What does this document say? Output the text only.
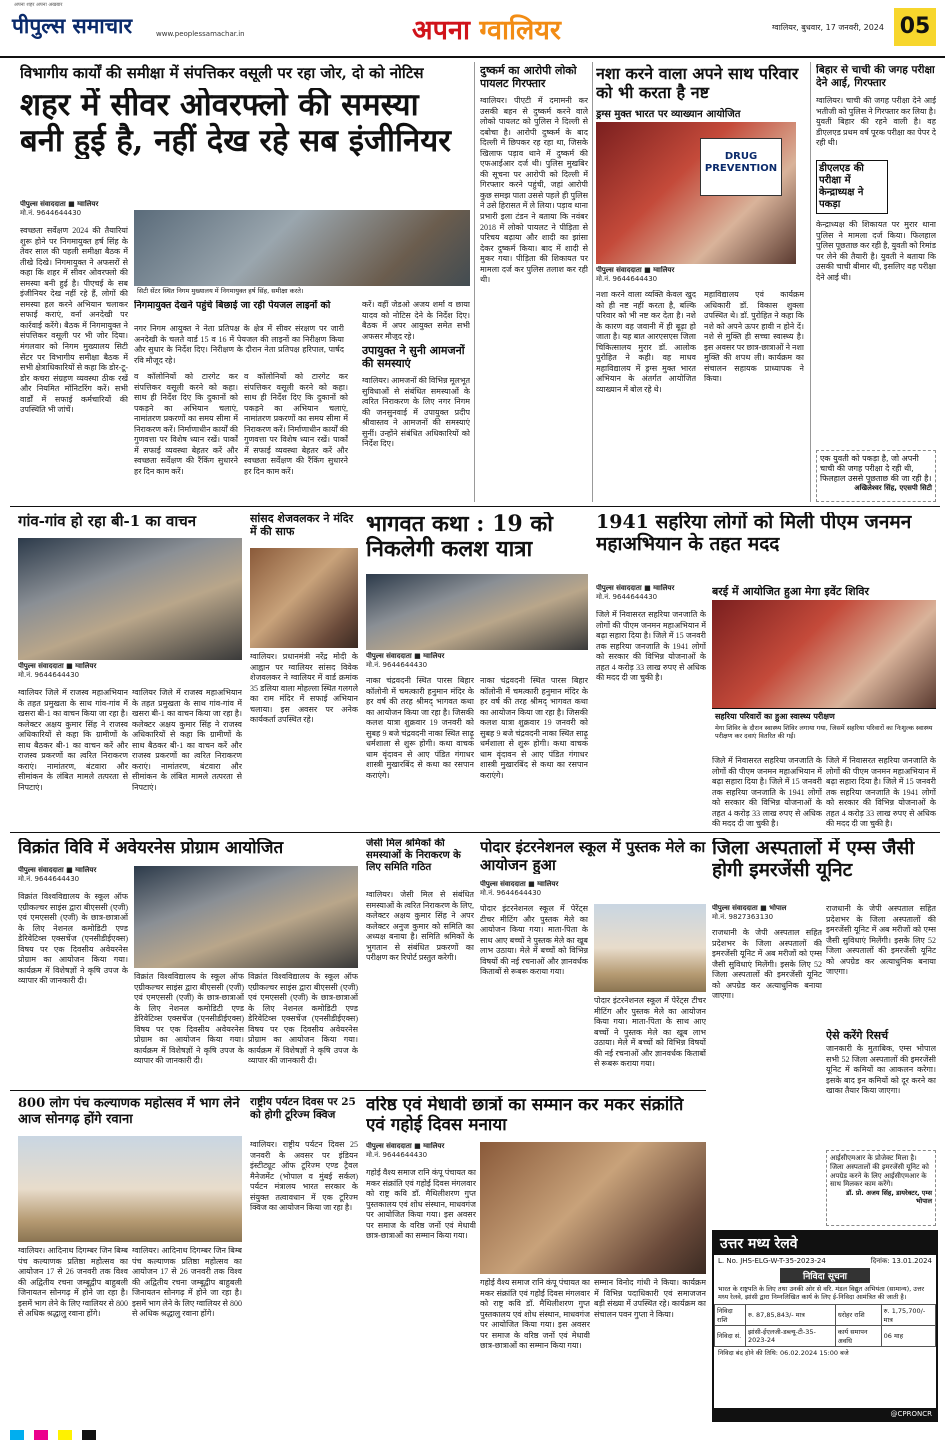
अपना शहर अपना अखबार
पीपुल्स समाचार	www.peoplessamachar.in	अपना ग्वालियर	ग्वालियर, बुधवार, 17 जनवरी, 2024 05
विभागीय कार्यों की समीक्षा में संपत्तिकर वसूली पर रहा जोर, दो को नोटिस
शहर में सीवर ओवरफ्लो की समस्या बनी हुई है, नहीं देख रहे सब इंजीनियर
पीपुल्स संवाददाता ■ ग्वालियर
मो.नं. 9644644430
सिटी सेंटर स्थित निगम मुख्यालय में निगमायुक्त हर्ष सिंह, समीक्षा करते।
स्वच्छता सर्वेक्षण 2024 की तैयारियां शुरू होने पर निगमायुक्त हर्ष सिंह के तेवर साल की पहली समीक्षा बैठक में तीखे दिखे। निगमायुक्त ने अफसरों से कहा कि शहर में सीवर ओवरफ्लो की समस्या बनी हुई है। पीएचई के सब इंजीनियर देख नहीं रहे हैं, लोगों की समस्या हल करने अभियान चलाकर सफाई कराएं, वर्ना अनदेखी पर कार्रवाई करेंगे। बैठक में निगमायुक्त ने संपत्तिकर वसूली पर भी जोर दिया। मंगलवार को निगम मुख्यालय सिटी सेंटर पर विभागीय समीक्षा बैठक में सभी क्षेत्राधिकारियों से कहा कि डोर-टू-डोर कचरा संग्रहण व्यवस्था ठीक रखें और नियमित मॉनिटरिंग करें। सभी वार्डों में सफाई कर्मचारियों की उपस्थिति भी जांचें।
निगमायुक्त देखने पहुंचे बिछाई जा रही पेयजल लाइनों को
नगर निगम आयुक्त ने नेता प्रतिपक्ष के क्षेत्र में सीवर संरक्षण पर जारी अनदेखी के चलते वार्ड 15 व 16 में पेयजल की लाइनों का निरीक्षण किया और सुधार के निर्देश दिए। निरीक्षण के दौरान नेता प्रतिपक्ष हरिपाल, पार्षद रवि मौजूद रहे।
व कॉलोनियों को टारगेट कर संपत्तिकर वसूली करने को कहा। साथ ही निर्देश दिए कि दुकानों को पकड़ने का अभियान चलाएं, नामांतरण प्रकरणों का समय सीमा में निराकरण करें। निर्माणाधीन कार्यों की गुणवत्ता पर विशेष ध्यान रखें। पार्कों में सफाई व्यवस्था बेहतर करें और स्वच्छता सर्वेक्षण की रैंकिंग सुधारने हर दिन काम करें।
व कॉलोनियों को टारगेट कर संपत्तिकर वसूली करने को कहा। साथ ही निर्देश दिए कि दुकानों को पकड़ने का अभियान चलाएं, नामांतरण प्रकरणों का समय सीमा में निराकरण करें। निर्माणाधीन कार्यों की गुणवत्ता पर विशेष ध्यान रखें। पार्कों में सफाई व्यवस्था बेहतर करें और स्वच्छता सर्वेक्षण की रैंकिंग सुधारने हर दिन काम करें।
करें। वहीं जेडओ अजय शर्मा व छाया यादव को नोटिस देने के निर्देश दिए। बैठक में अपर आयुक्त समेत सभी अफसर मौजूद रहे।
उपायुक्त ने सुनी आमजनों की समस्याएं
ग्वालियर। आमजनों की विभिन्न मूलभूत सुविधाओं से संबंधित समस्याओं के त्वरित निराकरण के लिए नगर निगम की जनसुनवाई में उपायुक्त प्रदीप श्रीवास्तव ने आमजनों की समस्याएं सुनीं। उन्होंने संबंधित अधिकारियों को निर्देश दिए।
दुष्कर्म का आरोपी लोको पायलट गिरफ्तार
ग्वालियर। पीएटी में दमामनी कर उसकी बहन से दुष्कर्म करने वाले लोको पायलट को पुलिस ने दिल्ली से दबोचा है। आरोपी दुष्कर्म के बाद दिल्ली में छिपकर रह रहा था, जिसके खिलाफ पड़ाव थाने में दुष्कर्म की एफआईआर दर्ज थी। पुलिस मुखबिर की सूचना पर आरोपी को दिल्ली में गिरफ्तार करने पहुंची, जहां आरोपी कुछ समझ पाता उससे पहले ही पुलिस ने उसे हिरासत में ले लिया। पड़ाव थाना प्रभारी इला टंडन ने बताया कि नवंबर 2018 में लोको पायलट ने पीड़िता से परिचय बढ़ाया और शादी का झांसा देकर दुष्कर्म किया। बाद में शादी से मुकर गया। पीड़िता की शिकायत पर मामला दर्ज कर पुलिस तलाश कर रही थी।
नशा करने वाला अपने साथ परिवार को भी करता है नष्ट
ड्रग्स मुक्त भारत पर व्याख्यान आयोजित
DRUG PREVENTION
पीपुल्स संवाददाता ■ ग्वालियर
मो.नं. 9644644430
नशा करने वाला व्यक्ति केवल खुद को ही नष्ट नहीं करता है, बल्कि परिवार को भी नष्ट कर देता है। नशे के कारण वह जवानी में ही बूढ़ा हो जाता है। यह बात आरएसएस जिला चिकित्सालय मुरार डॉ. आलोक पुरोहित ने कही। वह माधव महाविद्यालय में ड्रग्स मुक्त भारत अभियान के अंतर्गत आयोजित व्याख्यान में बोल रहे थे।
महाविद्यालय एवं कार्यक्रम अधिकारी डॉ. विकास शुक्ला उपस्थित थे। डॉ. पुरोहित ने कहा कि नशे को अपने ऊपर हावी न होने दें। नशे से मुक्ति ही सच्चा स्वास्थ्य है। इस अवसर पर छात्र-छात्राओं ने नशा मुक्ति की शपथ ली। कार्यक्रम का संचालन सहायक प्राध्यापक ने किया।
बिहार से चाची की जगह परीक्षा देने आई, गिरफ्तार
ग्वालियर। चाची की जगह परीक्षा देने आई भतीजी को पुलिस ने गिरफ्तार कर लिया है। युवती बिहार की रहने वाली है। वह डीएलएड प्रथम वर्ष पूरक परीक्षा का पेपर दे रही थी।
डीएलएड की परीक्षा में केन्द्राध्यक्ष ने पकड़ा
केन्द्राध्यक्ष की शिकायत पर मुरार थाना पुलिस ने मामला दर्ज किया। फिलहाल पुलिस पूछताछ कर रही है, युवती को रिमांड पर लेने की तैयारी है। युवती ने बताया कि उसकी चाची बीमार थी, इसलिए वह परीक्षा देने आई थी।
एक युवती को पकड़ा है, जो अपनी चाची की जगह परीक्षा दे रही थी, फिलहाल उससे पूछताछ की जा रही है।
अखिलेश्वर सिंह, एएसपी सिटी
गांव-गांव हो रहा बी-1 का वाचन
पीपुल्स संवाददाता ■ ग्वालियर
मो.नं. 9644644430
ग्वालियर जिले में राजस्व महाअभियान के तहत प्रमुखता के साथ गांव-गांव में खसरा बी-1 का वाचन किया जा रहा है। कलेक्टर अक्षय कुमार सिंह ने राजस्व अधिकारियों से कहा कि ग्रामीणों के साथ बैठकर बी-1 का वाचन करें और राजस्व प्रकरणों का त्वरित निराकरण कराएं। नामांतरण, बंटवारा और सीमांकन के लंबित मामले तत्परता से निपटाएं।
ग्वालियर जिले में राजस्व महाअभियान के तहत प्रमुखता के साथ गांव-गांव में खसरा बी-1 का वाचन किया जा रहा है। कलेक्टर अक्षय कुमार सिंह ने राजस्व अधिकारियों से कहा कि ग्रामीणों के साथ बैठकर बी-1 का वाचन करें और राजस्व प्रकरणों का त्वरित निराकरण कराएं। नामांतरण, बंटवारा और सीमांकन के लंबित मामले तत्परता से निपटाएं।
सांसद शेजवलकर ने मंदिर में की साफ
ग्वालियर। प्रधानमंत्री नरेंद्र मोदी के आह्वान पर ग्वालियर सांसद विवेक शेजवलकर ने ग्वालियर में वार्ड क्रमांक 35 डलिया वाला मोहल्ला स्थित गलगले का राम मंदिर में सफाई अभियान चलाया। इस अवसर पर अनेक कार्यकर्ता उपस्थित रहे।
भागवत कथा : 19 को निकलेगी कलश यात्रा
पीपुल्स संवाददाता ■ ग्वालियर
मो.नं. 9644644430
नाका चंद्रवदनी स्थित पारस बिहार कॉलोनी में चमत्कारी हनुमान मंदिर के हर वर्ष की तरह श्रीमद् भागवत कथा का आयोजन किया जा रहा है। जिसकी कलश यात्रा शुक्रवार 19 जनवरी को सुबह 9 बजे चंद्रवदनी नाका स्थित साढ़ू धर्मशाला से शुरू होगी। कथा वाचक धाम वृंदावन से आए पंडित गंगाधर शास्त्री मुखारबिंद से कथा का रसपान कराएंगे।
नाका चंद्रवदनी स्थित पारस बिहार कॉलोनी में चमत्कारी हनुमान मंदिर के हर वर्ष की तरह श्रीमद् भागवत कथा का आयोजन किया जा रहा है। जिसकी कलश यात्रा शुक्रवार 19 जनवरी को सुबह 9 बजे चंद्रवदनी नाका स्थित साढ़ू धर्मशाला से शुरू होगी। कथा वाचक धाम वृंदावन से आए पंडित गंगाधर शास्त्री मुखारबिंद से कथा का रसपान कराएंगे।
1941 सहरिया लोगों को मिली पीएम जनमन महाअभियान के तहत मदद
पीपुल्स संवाददाता ■ ग्वालियर
मो.नं. 9644644430	बरई में आयोजित हुआ मेगा इवेंट शिविर
जिले में निवासरत सहरिया जनजाति के लोगों की पीएम जनमन महाअभियान में बढ़ा सहारा दिया है। जिले में 15 जनवरी तक सहरिया जनजाति के 1941 लोगों को सरकार की विभिन्न योजनाओं के तहत 4 करोड़ 33 लाख रुपए से अधिक की मदद दी जा चुकी है।
सहरिया परिवारों का हुआ स्वास्थ्य परीक्षण
मेगा शिविर के दौरान स्वास्थ्य शिविर लगाया गया, जिसमें सहरिया परिवारों का निःशुल्क स्वास्थ्य परीक्षण कर दवाएं वितरित की गईं।
जिले में निवासरत सहरिया जनजाति के लोगों की पीएम जनमन महाअभियान में बढ़ा सहारा दिया है। जिले में 15 जनवरी तक सहरिया जनजाति के 1941 लोगों को सरकार की विभिन्न योजनाओं के तहत 4 करोड़ 33 लाख रुपए से अधिक की मदद दी जा चुकी है।
जिले में निवासरत सहरिया जनजाति के लोगों की पीएम जनमन महाअभियान में बढ़ा सहारा दिया है। जिले में 15 जनवरी तक सहरिया जनजाति के 1941 लोगों को सरकार की विभिन्न योजनाओं के तहत 4 करोड़ 33 लाख रुपए से अधिक की मदद दी जा चुकी है।
विक्रांत विवि में अवेयरनेस प्रोग्राम आयोजित
पीपुल्स संवाददाता ■ ग्वालियर
मो.नं. 9644644430
विक्रांत विश्वविद्यालय के स्कूल ऑफ एग्रीकल्चर साइंस द्वारा बीएससी (एजी) एवं एमएससी (एजी) के छात्र-छात्राओं के लिए नेशनल कमोडिटी एण्ड डेरिवेटिव्स एक्सचेंज (एनसीडीईएक्स) विषय पर एक दिवसीय अवेयरनेस प्रोग्राम का आयोजन किया गया। कार्यक्रम में विशेषज्ञों ने कृषि उपज के व्यापार की जानकारी दी।	विक्रांत विश्वविद्यालय के स्कूल ऑफ एग्रीकल्चर साइंस द्वारा बीएससी (एजी) एवं एमएससी (एजी) के छात्र-छात्राओं के लिए नेशनल कमोडिटी एण्ड डेरिवेटिव्स एक्सचेंज (एनसीडीईएक्स) विषय पर एक दिवसीय अवेयरनेस प्रोग्राम का आयोजन किया गया। कार्यक्रम में विशेषज्ञों ने कृषि उपज के व्यापार की जानकारी दी।
विक्रांत विश्वविद्यालय के स्कूल ऑफ एग्रीकल्चर साइंस द्वारा बीएससी (एजी) एवं एमएससी (एजी) के छात्र-छात्राओं के लिए नेशनल कमोडिटी एण्ड डेरिवेटिव्स एक्सचेंज (एनसीडीईएक्स) विषय पर एक दिवसीय अवेयरनेस प्रोग्राम का आयोजन किया गया। कार्यक्रम में विशेषज्ञों ने कृषि उपज के व्यापार की जानकारी दी।
जेसी मिल श्रमिकों की समस्याओं के निराकरण के लिए समिति गठित
ग्वालियर। जेसी मिल से संबंधित समस्याओं के त्वरित निराकरण के लिए, कलेक्टर अक्षय कुमार सिंह ने अपर कलेक्टर अनुज कुमार को समिति का अध्यक्ष बनाया है। समिति श्रमिकों के भुगतान से संबंधित प्रकरणों का परीक्षण कर रिपोर्ट प्रस्तुत करेगी।
पोदार इंटरनेशनल स्कूल में पुस्तक मेले का आयोजन हुआ
पीपुल्स संवाददाता ■ ग्वालियर
मो.नं. 9644644430
पोदार इंटरनेशनल स्कूल में पेरेंट्स टीचर मीटिंग और पुस्तक मेले का आयोजन किया गया। माता-पिता के साथ आए बच्चों ने पुस्तक मेले का खूब लाभ उठाया। मेले में बच्चों को विभिन्न विषयों की नई रचनाओं और ज्ञानवर्धक किताबों से रूबरू कराया गया।
पोदार इंटरनेशनल स्कूल में पेरेंट्स टीचर मीटिंग और पुस्तक मेले का आयोजन किया गया। माता-पिता के साथ आए बच्चों ने पुस्तक मेले का खूब लाभ उठाया। मेले में बच्चों को विभिन्न विषयों की नई रचनाओं और ज्ञानवर्धक किताबों से रूबरू कराया गया।
जिला अस्पतालों में एम्स जैसी होगी इमरजेंसी यूनिट
पीपुल्स संवाददाता ■ भोपाल
मो.नं. 9827363130
राजधानी के जेपी अस्पताल सहित प्रदेशभर के जिला अस्पतालों की इमरजेंसी यूनिट में अब मरीजों को एम्स जैसी सुविधाएं मिलेंगी। इसके लिए 52 जिला अस्पतालों की इमरजेंसी यूनिट को अपग्रेड कर अत्याधुनिक बनाया जाएगा।
राजधानी के जेपी अस्पताल सहित प्रदेशभर के जिला अस्पतालों की इमरजेंसी यूनिट में अब मरीजों को एम्स जैसी सुविधाएं मिलेंगी। इसके लिए 52 जिला अस्पतालों की इमरजेंसी यूनिट को अपग्रेड कर अत्याधुनिक बनाया जाएगा।
ऐसे करेंगे रिसर्च
जानकारी के मुताबिक, एम्स भोपाल सभी 52 जिला अस्पतालों की इमरजेंसी यूनिट में कमियों का आकलन करेगा। इसके बाद इन कमियों को दूर करने का खाका तैयार किया जाएगा।
आईसीएमआर के प्रोजेक्ट मिला है। जिला अस्पतालों की इमरजेंसी यूनिट को अपग्रेड करने के लिए आईसीएमआर के साथ मिलकर काम करेंगे।
डॉ. प्रो. अजय सिंह, डायरेक्टर, एम्स भोपाल
800 लोग पंच कल्याणक महोत्सव में भाग लेने आज सोनगढ़ होंगे रवाना
ग्वालियर। आदिनाथ दिगम्बर जिन बिम्ब पंच कल्याणक प्रतिष्ठा महोत्सव का आयोजन 17 से 26 जनवरी तक विश्व की अद्वितीय रचना जम्बूद्वीप बाहुबली जिनायतन सोनगढ़ में होने जा रहा है। इसमें भाग लेने के लिए ग्वालियर से 800 से अधिक श्रद्धालु रवाना होंगे।
ग्वालियर। आदिनाथ दिगम्बर जिन बिम्ब पंच कल्याणक प्रतिष्ठा महोत्सव का आयोजन 17 से 26 जनवरी तक विश्व की अद्वितीय रचना जम्बूद्वीप बाहुबली जिनायतन सोनगढ़ में होने जा रहा है। इसमें भाग लेने के लिए ग्वालियर से 800 से अधिक श्रद्धालु रवाना होंगे।
राष्ट्रीय पर्यटन दिवस पर 25 को होगी टूरिज्म क्विज
ग्वालियर। राष्ट्रीय पर्यटन दिवस 25 जनवरी के अवसर पर इंडियन इंस्टीट्यूट ऑफ टूरिज्म एण्ड ट्रैवल मैनेजमेंट (भोपाल व मुंबई सर्कल) पर्यटन मंत्रालय भारत सरकार के संयुक्त तत्वावधान में एक टूरिज्म क्विज का आयोजन किया जा रहा है।
वरिष्ठ एवं मेधावी छात्रों का सम्मान कर मकर संक्रांति एवं गहोई दिवस मनाया
पीपुल्स संवाददाता ■ ग्वालियर
मो.नं. 9644644430
गहोई वैश्य समाज रानि कंपू पंचायत का मकर संक्रांति एवं गहोई दिवस मंगलवार को राष्ट्र कवि डॉ. मैथिलीशरण गुप्त पुस्तकालय एवं शोध संस्थान, माधवगंज पर आयोजित किया गया। इस अवसर पर समाज के वरिष्ठ जनों एवं मेधावी छात्र-छात्राओं का सम्मान किया गया।
गहोई वैश्य समाज रानि कंपू पंचायत का मकर संक्रांति एवं गहोई दिवस मंगलवार को राष्ट्र कवि डॉ. मैथिलीशरण गुप्त पुस्तकालय एवं शोध संस्थान, माधवगंज पर आयोजित किया गया। इस अवसर पर समाज के वरिष्ठ जनों एवं मेधावी छात्र-छात्राओं का सम्मान किया गया।
सम्मान विनोद गांधी ने किया। कार्यक्रम में विभिन्न पदाधिकारी एवं समाजजन बड़ी संख्या में उपस्थित रहे। कार्यक्रम का संचालन पवन गुप्ता ने किया।
उत्तर मध्य रेलवे
L. No. JHS-ELG-W-T-35-2023-24	दिनांक: 13.01.2024
निविदा सूचना
भारत के राष्ट्रपति के लिए तथा उनकी ओर से वरि. मंडल विद्युत अभियंता (सामान्य), उत्तर मध्य रेलवे, झांसी द्वारा निम्नलिखित कार्य के लिए ई-निविदा आमंत्रित की जाती है।
निविदा राशि	रु. 87,85,843/- मात्र	धरोहर राशि	रु. 1,75,700/- मात्र
निविदा सं.	झांसी-ईएलजी-डब्ल्यू-टी-35-2023-24	कार्य समापन अवधि	06 माह
निविदा बंद होने की तिथि: 06.02.2024 15:00 बजे
@CPRONCR
